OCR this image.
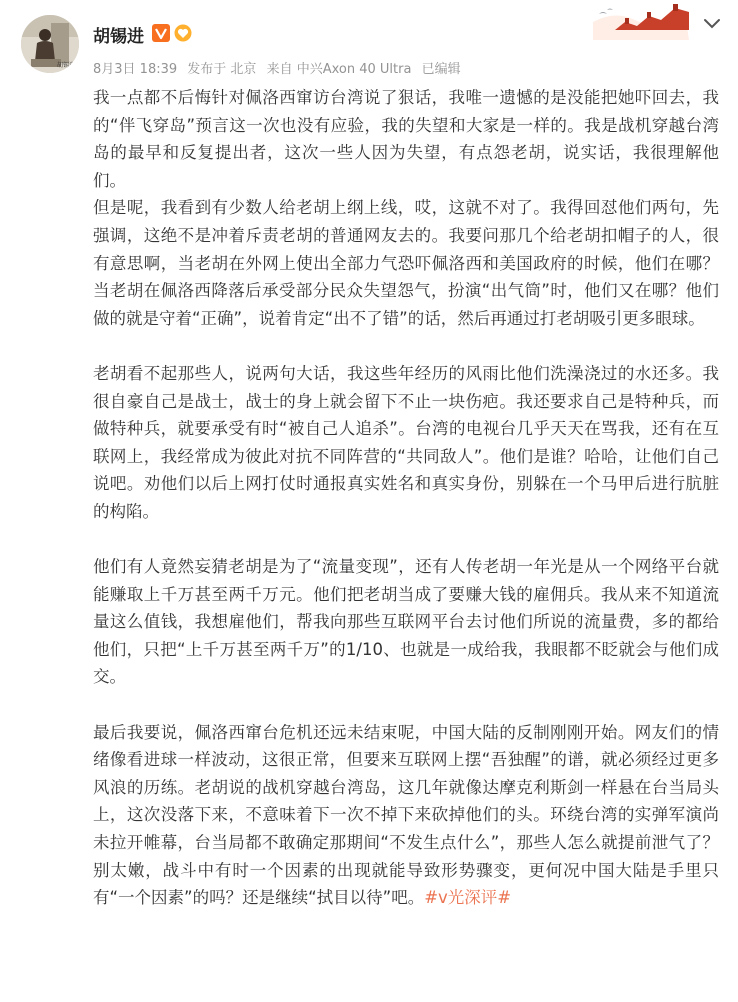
胡锡进
胡锡进
8月3日 18:39 发布于 北京 来自 中兴Axon 40 Ultra 已编辑

我一点都不后悔针对佩洛西窜访台湾说了狠话，我唯一遗憾的是没能把她吓回去，我的“伴飞穿岛”预言这一次也没有应验，我的失望和大家是一样的。我是战机穿越台湾岛的最早和反复提出者，这次一些人因为失望，有点怨老胡，说实话，我很理解他们。

但是呢，我看到有少数人给老胡上纲上线，哎，这就不对了。我得回怼他们两句，先强调，这绝不是冲着斥责老胡的普通网友去的。我要问那几个给老胡扣帽子的人，很有意思啊，当老胡在外网上使出全部力气恐吓佩洛西和美国政府的时候，他们在哪？当老胡在佩洛西降落后承受部分民众失望怨气，扮演“出气筒”时，他们又在哪？他们做的就是守着“正确”，说着肯定“出不了错”的话，然后再通过打老胡吸引更多眼球。

老胡看不起那些人，说两句大话，我这些年经历的风雨比他们洗澡浇过的水还多。我很自豪自己是战士，战士的身上就会留下不止一块伤疤。我还要求自己是特种兵，而做特种兵，就要承受有时“被自己人追杀”。台湾的电视台几乎天天在骂我，还有在互联网上，我经常成为彼此对抗不同阵营的“共同敌人”。他们是谁？哈哈，让他们自己说吧。劝他们以后上网打仗时通报真实姓名和真实身份，别躲在一个马甲后进行肮脏的构陷。

他们有人竟然妄猜老胡是为了“流量变现”，还有人传老胡一年光是从一个网络平台就能赚取上千万甚至两千万元。他们把老胡当成了要赚大钱的雇佣兵。我从来不知道流量这么值钱，我想雇他们，帮我向那些互联网平台去讨他们所说的流量费，多的都给他们，只把“上千万甚至两千万”的1/10、也就是一成给我，我眼都不眨就会与他们成交。

最后我要说，佩洛西窜台危机还远未结束呢，中国大陆的反制刚刚开始。网友们的情绪像看进球一样波动，这很正常，但要来互联网上摆“吾独醒”的谱，就必须经过更多风浪的历练。老胡说的战机穿越台湾岛，这几年就像达摩克利斯剑一样悬在台当局头上，这次没落下来，不意味着下一次不掉下来砍掉他们的头。环绕台湾的实弹军演尚未拉开帷幕，台当局都不敢确定那期间“不发生点什么”，那些人怎么就提前泄气了？别太嫩，战斗中有时一个因素的出现就能导致形势骤变，更何况中国大陆是手里只有“一个因素”的吗？还是继续“拭目以待”吧。#v光深评#
